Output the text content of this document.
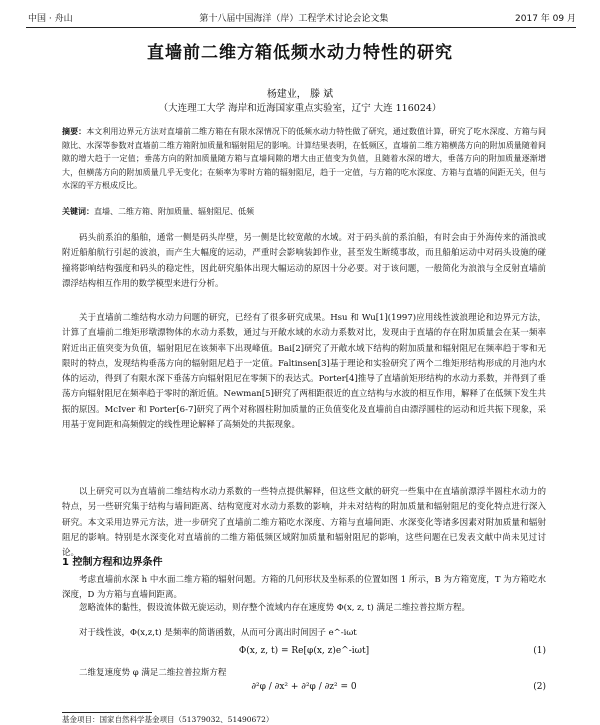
中国 · 舟山	第十八届中国海洋（岸）工程学术讨论会论文集	2017 年 09 月
直墙前二维方箱低频水动力特性的研究
杨建业， 滕 斌
（大连理工大学 海岸和近海国家重点实验室，辽宁 大连 116024）
摘要：本文利用边界元方法对直墙前二维方箱在有限水深情况下的低频水动力特性做了研究，通过数值计算，研究了吃水深度、方箱与间隙比、水深等参数对直墙前二维方箱附加质量和辐射阻尼的影响。计算结果表明，在低频区，直墙前二维方箱横荡方向的附加质量随着间隙的增大趋于一定值；垂荡方向的附加质量随方箱与直墙间隙的增大由正值变为负值，且随着水深的增大，垂荡方向的附加质量逐渐增大，但横荡方向的附加质量几乎无变化；在频率为零时方箱的辐射阻尼，趋于一定值，与方箱的吃水深度、方箱与直墙的间距无关，但与水深的平方根成反比。
关键词：直墙、二维方箱、附加质量、辐射阻尼、低频
码头前系泊的船舶，通常一侧是码头岸壁，另一侧是比较宽敞的水域。对于码头前的系泊船，有时会由于外海传来的涌浪或附近船舶航行引起的波浪，而产生大幅度的运动，严重时会影响装卸作业，甚至发生断缆事故，而且船舶运动中对码头设施的碰撞将影响结构强度和码头的稳定性，因此研究船体出现大幅运动的原因十分必要。对于该问题，一般简化为浪浪与全反射直墙前漂浮结构相互作用的数学模型来进行分析。
关于直墙前二维结构水动力问题的研究，已经有了很多研究成果。Hsu 和 Wu[1](1997)应用线性波浪理论和边界元方法，计算了直墙前二维矩形墩漂物体的水动力系数，通过与开敞水域的水动力系数对比，发现由于直墙的存在附加质量会在某一频率附近出正值突变为负值，辐射阻尼在该频率下出现峰值。Bai[2]研究了开敞水域下结构的附加质量和辐射阻尼在频率趋于零和无限时的特点，发现结构垂荡方向的辐射阻尼趋于一定值。Faltinsen[3]基于理论和实验研究了两个二维矩形结构形成的月池内水体的运动，得到了有限水深下垂荡方向辐射阻尼在零频下的表达式。Porter[4]推导了直墙前矩形结构的水动力系数，并得到了垂荡方向辐射阻尼在频率趋于零时的渐近值。Newman[5]研究了两相距很近的直立结构与水波的相互作用，解释了在低频下发生共振的原因。McIver 和 Porter[6-7]研究了两个对称圆柱附加质量的正负值变化及直墙前自由漂浮圆柱的运动和近共振下现象，采用基于宽间距和高频假定的线性理论解释了高频处的共振现象。
以上研究可以为直墙前二维结构水动力系数的一些特点提供解释，但这些文献的研究一些集中在直墙前漂浮半圆柱水动力的特点，另一些研究集于结构与墙间距离、结构宽度对水动力系数的影响，并未对结构的附加质量和辐射阻尼的变化特点进行深入研究。本文采用边界元方法，进一步研究了直墙前二维方箱吃水深度、方箱与直墙间距、水深变化等诸多因素对附加质量和辐射阻尼的影响。特别是水深变化对直墙前的二维方箱低频区域附加质量和辐射阻尼的影响，这些问题在已发表文献中尚未见过讨论。
1 控制方程和边界条件
考虑直墙前水深 h 中水面二维方箱的辐射问题。方箱的几何形状及坐标系的位置如图 1 所示，B 为方箱宽度，T 为方箱吃水深度，D 为方箱与直墙间距离。
忽略流体的黏性，假设流体做无旋运动，则存整个流域内存在速度势 Φ(x, z, t) 满足二维拉普拉斯方程。
对于线性波，Φ(x,z,t) 是频率的简谐函数，从而可分离出时间因子 e^-iωt
Φ(x, z, t) = Re[φ(x, z)e^-iωt]	(1)
二维复速度势 φ 满足二维拉普拉斯方程
∂²φ / ∂x² + ∂²φ / ∂z² = 0	(2)
基金项目：国家自然科学基金项目（51379032、51490672）
